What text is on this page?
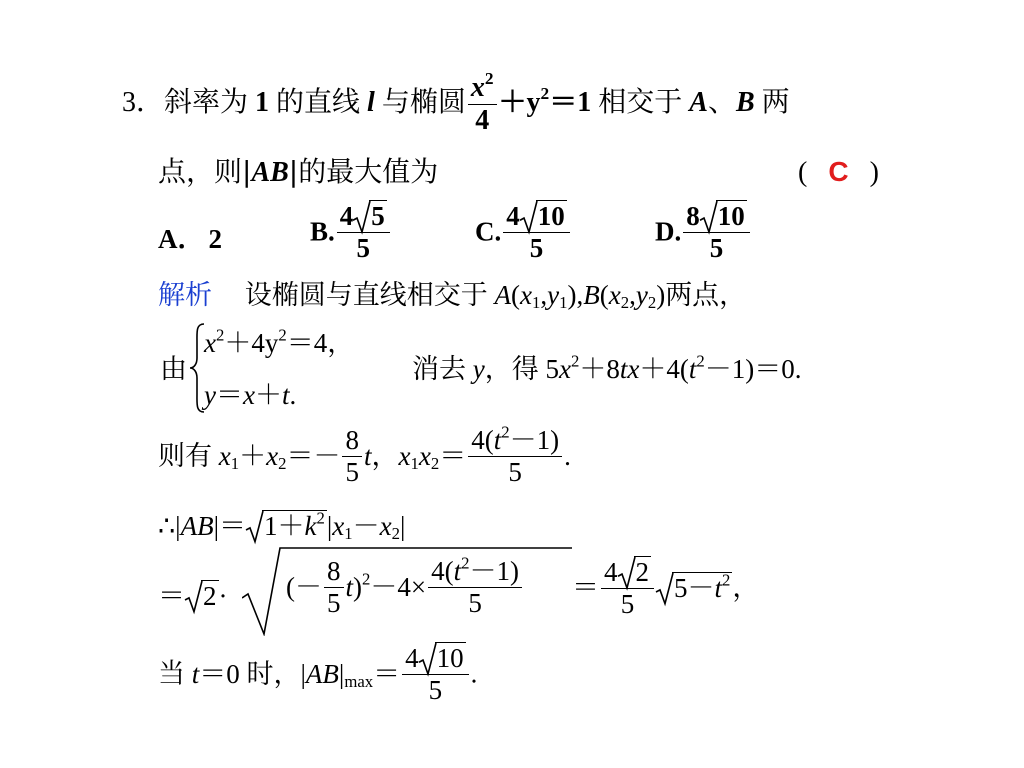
3．斜率为 1 的直线 l 与椭圆 $\frac{x^2}{4} +y^2=1$ 相交于 A、B 两
点，则|AB|的最大值为	( C )
A． 2	B. $\frac{4 5}{5}$	C. $\frac{4 10}{5}$	D. $\frac{8 10}{5}$
解析 设椭圆与直线相交于 $A(x_1,y_1),B(x_2,y_2)$两点，
由
$x^2+4y^2=4$，
y＝x＋t.
消去 y，得 $5x^2+8tx+4(t^2-1)=0$.
则有 $x_1+x_2=- \frac{8}{5}$ t，$x_1x_2= \frac{4(t^2-1)}{5}$ .
∴|AB|＝ $1+k^2|x_1-x_2|$
＝ 2· (－ $\frac{8}{5} t)^2-4\times \frac{4(t^2-1)}{5} = \frac{4 2}{5} 5-t^2$，
当 t＝0 时，$|AB|_{max}= \frac{4 10}{5}$ .
